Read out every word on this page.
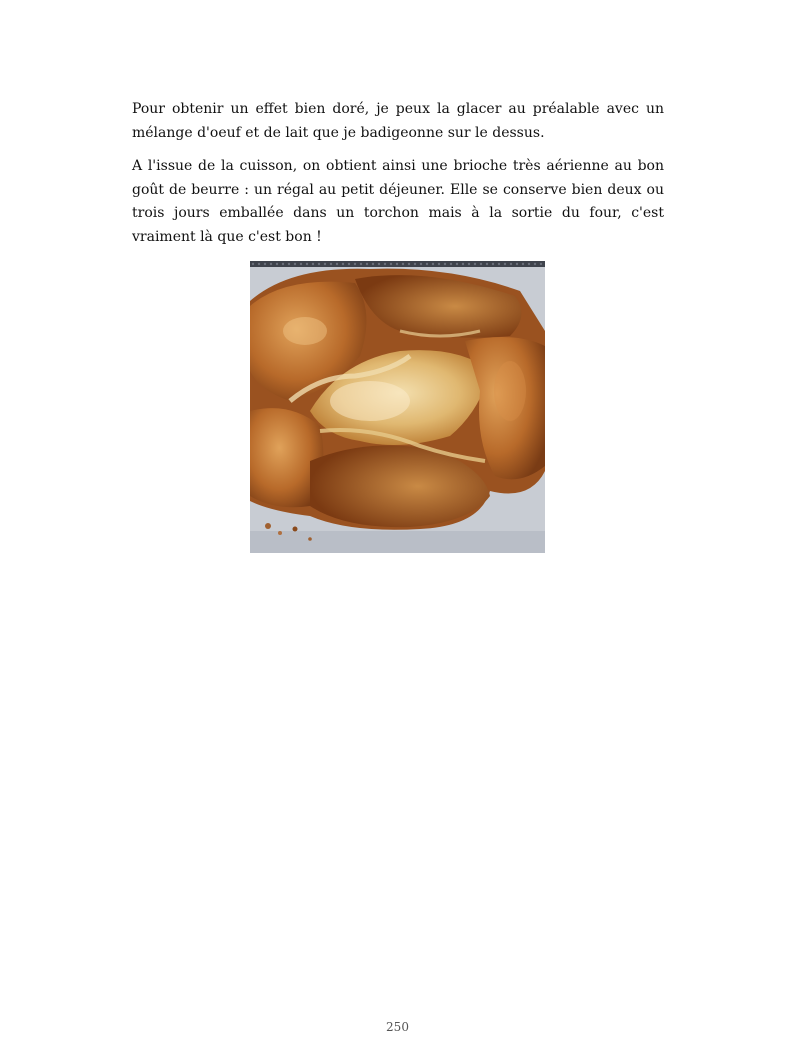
Pour obtenir un effet bien doré, je peux la glacer au préalable avec un mélange d'oeuf et de lait que je badigeonne sur le dessus.

A l'issue de la cuisson, on obtient ainsi une brioche très aérienne au bon goût de beurre : un régal au petit déjeuner. Elle se conserve bien deux ou trois jours emballée dans un torchon mais à la sortie du four, c'est vraiment là que c'est bon !

250
